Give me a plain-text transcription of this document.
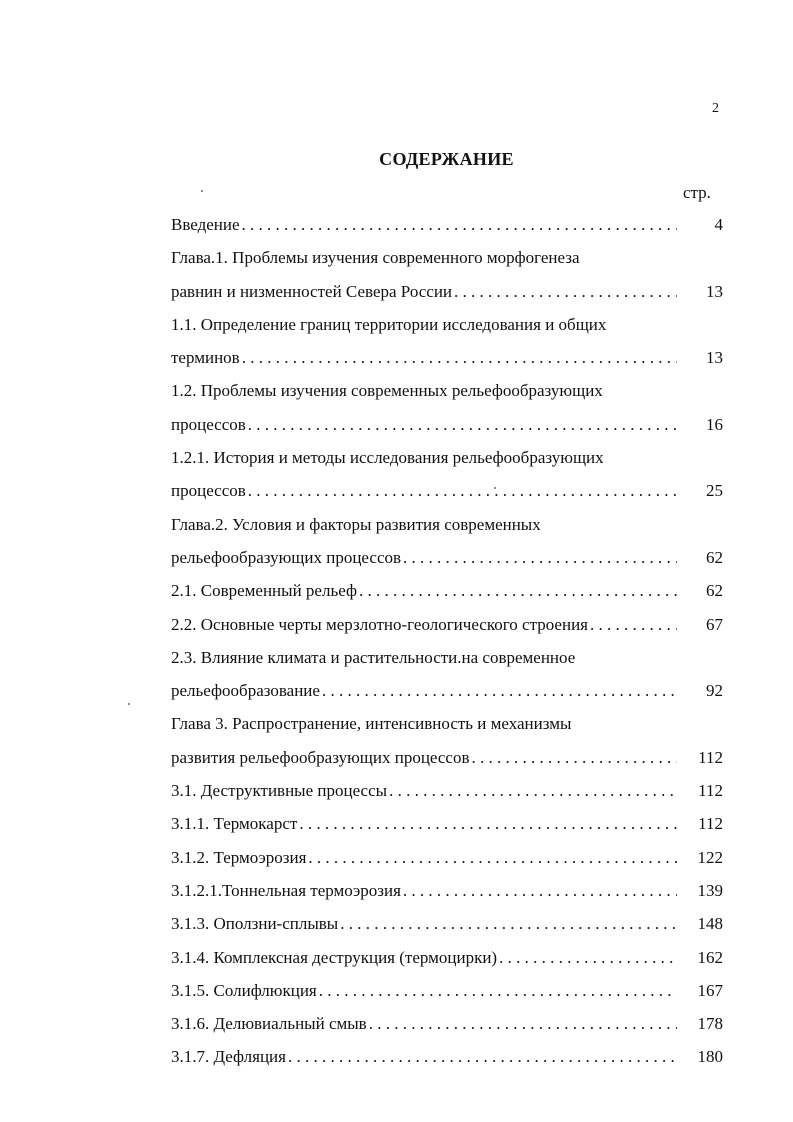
2
СОДЕРЖАНИЕ
стр.
Введение . . .	4
Глава.1. Проблемы изучения современного морфогенеза
равнин и низменностей Севера России . . .	13
1.1. Определение границ территории исследования и общих
терминов . . .	13
1.2. Проблемы изучения современных рельефообразующих
процессов . . .	16
1.2.1. История и методы исследования рельефообразующих
процессов . . .	25
Глава.2. Условия и факторы развития современных
рельефообразующих процессов . . .	62
2.1. Современный рельеф . . .	62
2.2. Основные черты мерзлотно-геологического строения . . .	67
2.3. Влияние климата и растительности.на современное
рельефообразование . . .	92
Глава 3. Распространение, интенсивность и механизмы
развития рельефообразующих процессов . . .	112
3.1. Деструктивные процессы . . .	112
3.1.1. Термокарст . . .	112
3.1.2. Термоэрозия . . .	122
3.1.2.1.Тоннельная термоэрозия . . .	139
3.1.3. Оползни-сплывы . . .	148
3.1.4. Комплексная деструкция (термоцирки) . . .	162
3.1.5. Солифлюкция . . .	167
3.1.6. Делювиальный смыв . . .	178
3.1.7. Дефляция . . .	180
